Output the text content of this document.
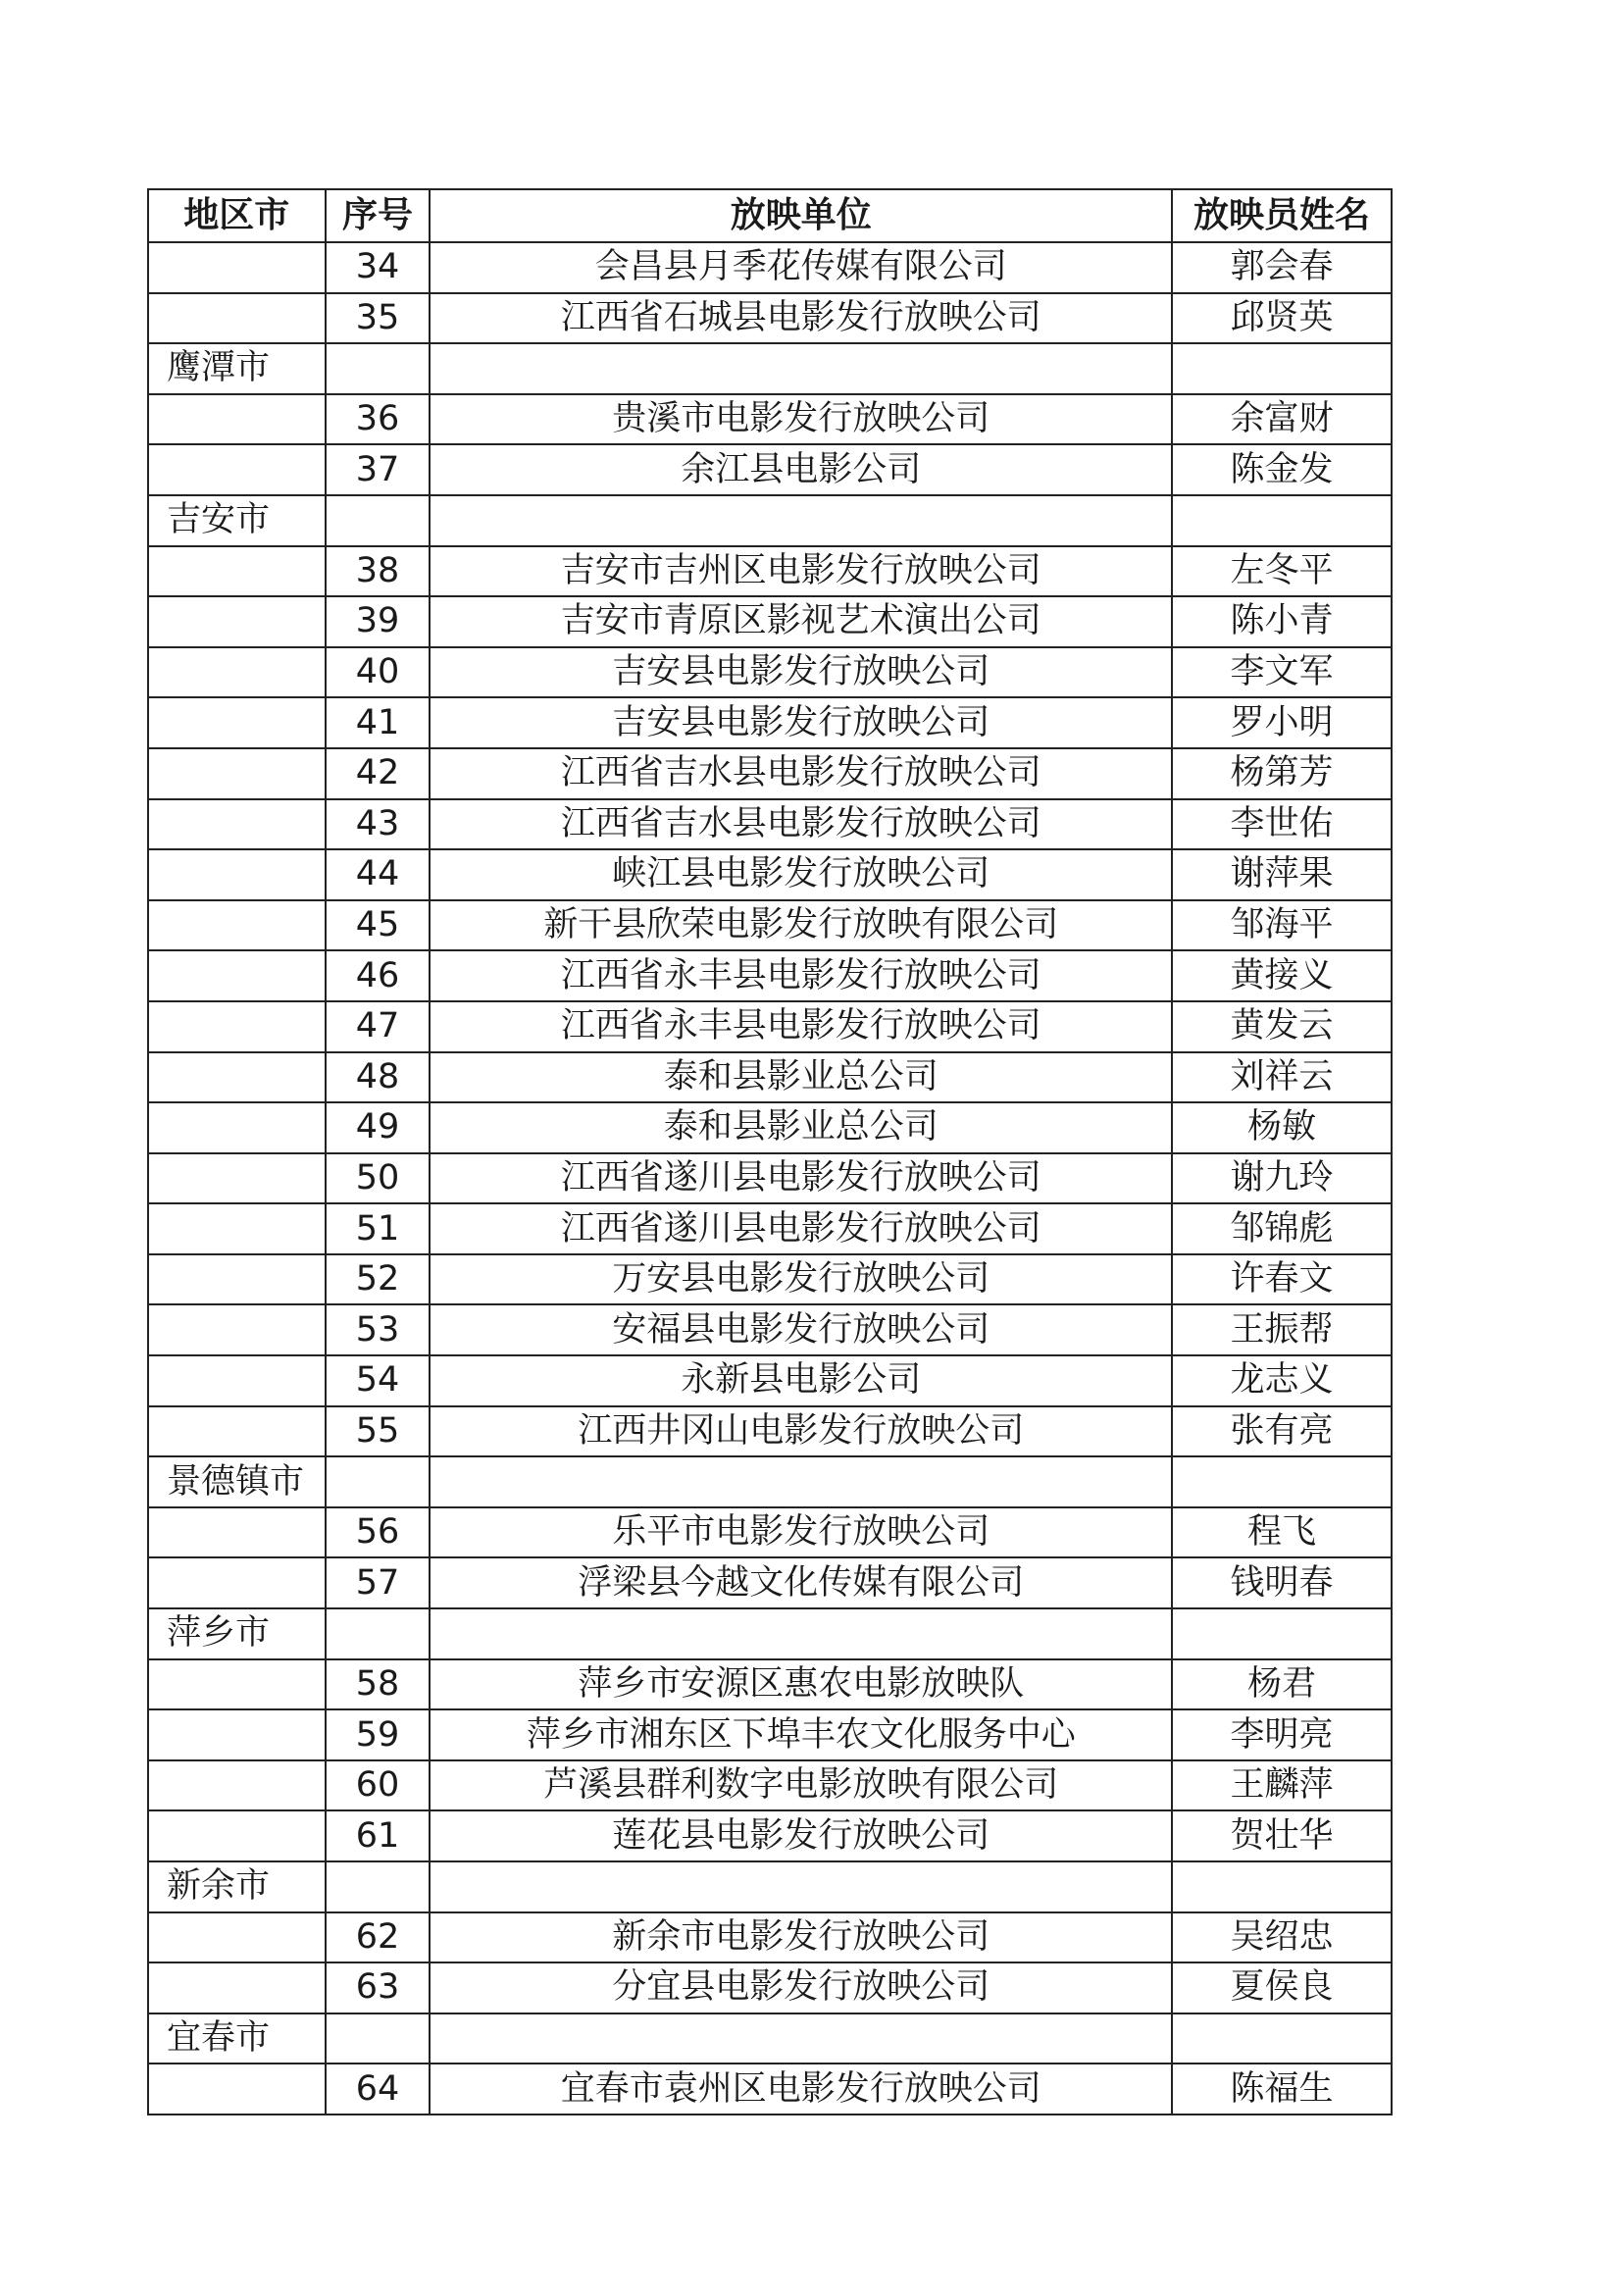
地区市	序号	放映单位	放映员姓名
	34	会昌县月季花传媒有限公司	郭会春
	35	江西省石城县电影发行放映公司	邱贤英
鹰潭市			
	36	贵溪市电影发行放映公司	余富财
	37	余江县电影公司	陈金发
吉安市			
	38	吉安市吉州区电影发行放映公司	左冬平
	39	吉安市青原区影视艺术演出公司	陈小青
	40	吉安县电影发行放映公司	李文军
	41	吉安县电影发行放映公司	罗小明
	42	江西省吉水县电影发行放映公司	杨第芳
	43	江西省吉水县电影发行放映公司	李世佑
	44	峡江县电影发行放映公司	谢萍果
	45	新干县欣荣电影发行放映有限公司	邹海平
	46	江西省永丰县电影发行放映公司	黄接义
	47	江西省永丰县电影发行放映公司	黄发云
	48	泰和县影业总公司	刘祥云
	49	泰和县影业总公司	杨敏
	50	江西省遂川县电影发行放映公司	谢九玲
	51	江西省遂川县电影发行放映公司	邹锦彪
	52	万安县电影发行放映公司	许春文
	53	安福县电影发行放映公司	王振帮
	54	永新县电影公司	龙志义
	55	江西井冈山电影发行放映公司	张有亮
景德镇市			
	56	乐平市电影发行放映公司	程飞
	57	浮梁县今越文化传媒有限公司	钱明春
萍乡市			
	58	萍乡市安源区惠农电影放映队	杨君
	59	萍乡市湘东区下埠丰农文化服务中心	李明亮
	60	芦溪县群利数字电影放映有限公司	王麟萍
	61	莲花县电影发行放映公司	贺壮华
新余市			
	62	新余市电影发行放映公司	吴绍忠
	63	分宜县电影发行放映公司	夏侯良
宜春市			
	64	宜春市袁州区电影发行放映公司	陈福生
